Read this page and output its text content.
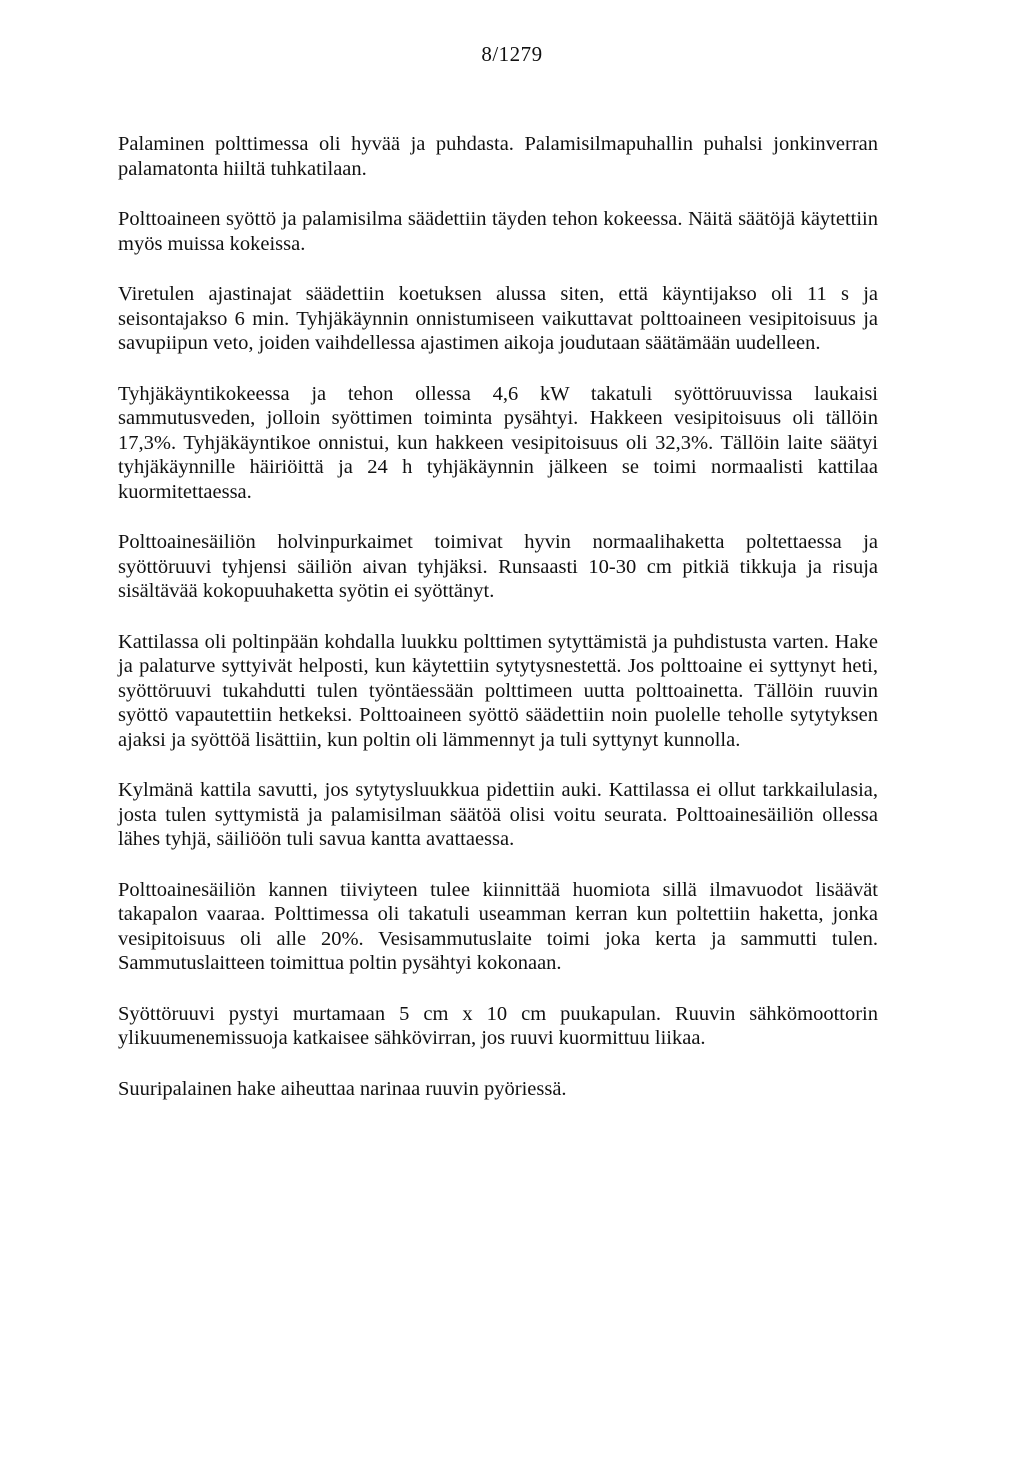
8/1279

Palaminen polttimessa oli hyvää ja puhdasta. Palamisilmapuhallin puhalsi jonkinverran palamatonta hiiltä tuhkatilaan.

Polttoaineen syöttö ja palamisilma säädettiin täyden tehon kokeessa. Näitä säätöjä käytettiin myös muissa kokeissa.

Viretulen ajastinajat säädettiin koetuksen alussa siten, että käyntijakso oli 11 s ja seisontajakso 6 min. Tyhjäkäynnin onnistumiseen vaikuttavat polttoaineen vesipitoisuus ja savupiipun veto, joiden vaihdellessa ajastimen aikoja joudutaan säätämään uudelleen.

Tyhjäkäyntikokeessa ja tehon ollessa 4,6 kW takatuli syöttöruuvissa laukaisi sammutusveden, jolloin syöttimen toiminta pysähtyi. Hakkeen vesipitoisuus oli tällöin 17,3%. Tyhjäkäyntikoe onnistui, kun hakkeen vesipitoisuus oli 32,3%. Tällöin laite säätyi tyhjäkäynnille häiriöittä ja 24 h tyhjäkäynnin jälkeen se toimi normaalisti kattilaa kuormitettaessa.

Polttoainesäiliön holvinpurkaimet toimivat hyvin normaalihaketta poltettaessa ja syöttöruuvi tyhjensi säiliön aivan tyhjäksi. Runsaasti 10-30 cm pitkiä tikkuja ja risuja sisältävää kokopuuhaketta syötin ei syöttänyt.

Kattilassa oli poltinpään kohdalla luukku polttimen sytyttämistä ja puhdistusta varten. Hake ja palaturve syttyivät helposti, kun käytettiin sytytysnestettä. Jos polttoaine ei syttynyt heti, syöttöruuvi tukahdutti tulen työntäessään polttimeen uutta polttoainetta. Tällöin ruuvin syöttö vapautettiin hetkeksi. Polttoaineen syöttö säädettiin noin puolelle teholle sytytyksen ajaksi ja syöttöä lisättiin, kun poltin oli lämmennyt ja tuli syttynyt kunnolla.

Kylmänä kattila savutti, jos sytytysluukkua pidettiin auki. Kattilassa ei ollut tarkkailulasia, josta tulen syttymistä ja palamisilman säätöä olisi voitu seurata. Polttoainesäiliön ollessa lähes tyhjä, säiliöön tuli savua kantta avattaessa.

Polttoainesäiliön kannen tiiviyteen tulee kiinnittää huomiota sillä ilmavuodot lisäävät takapalon vaaraa. Polttimessa oli takatuli useamman kerran kun poltettiin haketta, jonka vesipitoisuus oli alle 20%. Vesisammutuslaite toimi joka kerta ja sammutti tulen. Sammutuslaitteen toimittua poltin pysähtyi kokonaan.

Syöttöruuvi pystyi murtamaan 5 cm x 10 cm puukapulan. Ruuvin sähkömoottorin ylikuumenemissuoja katkaisee sähkövirran, jos ruuvi kuormittuu liikaa.

Suuripalainen hake aiheuttaa narinaa ruuvin pyöriessä.
